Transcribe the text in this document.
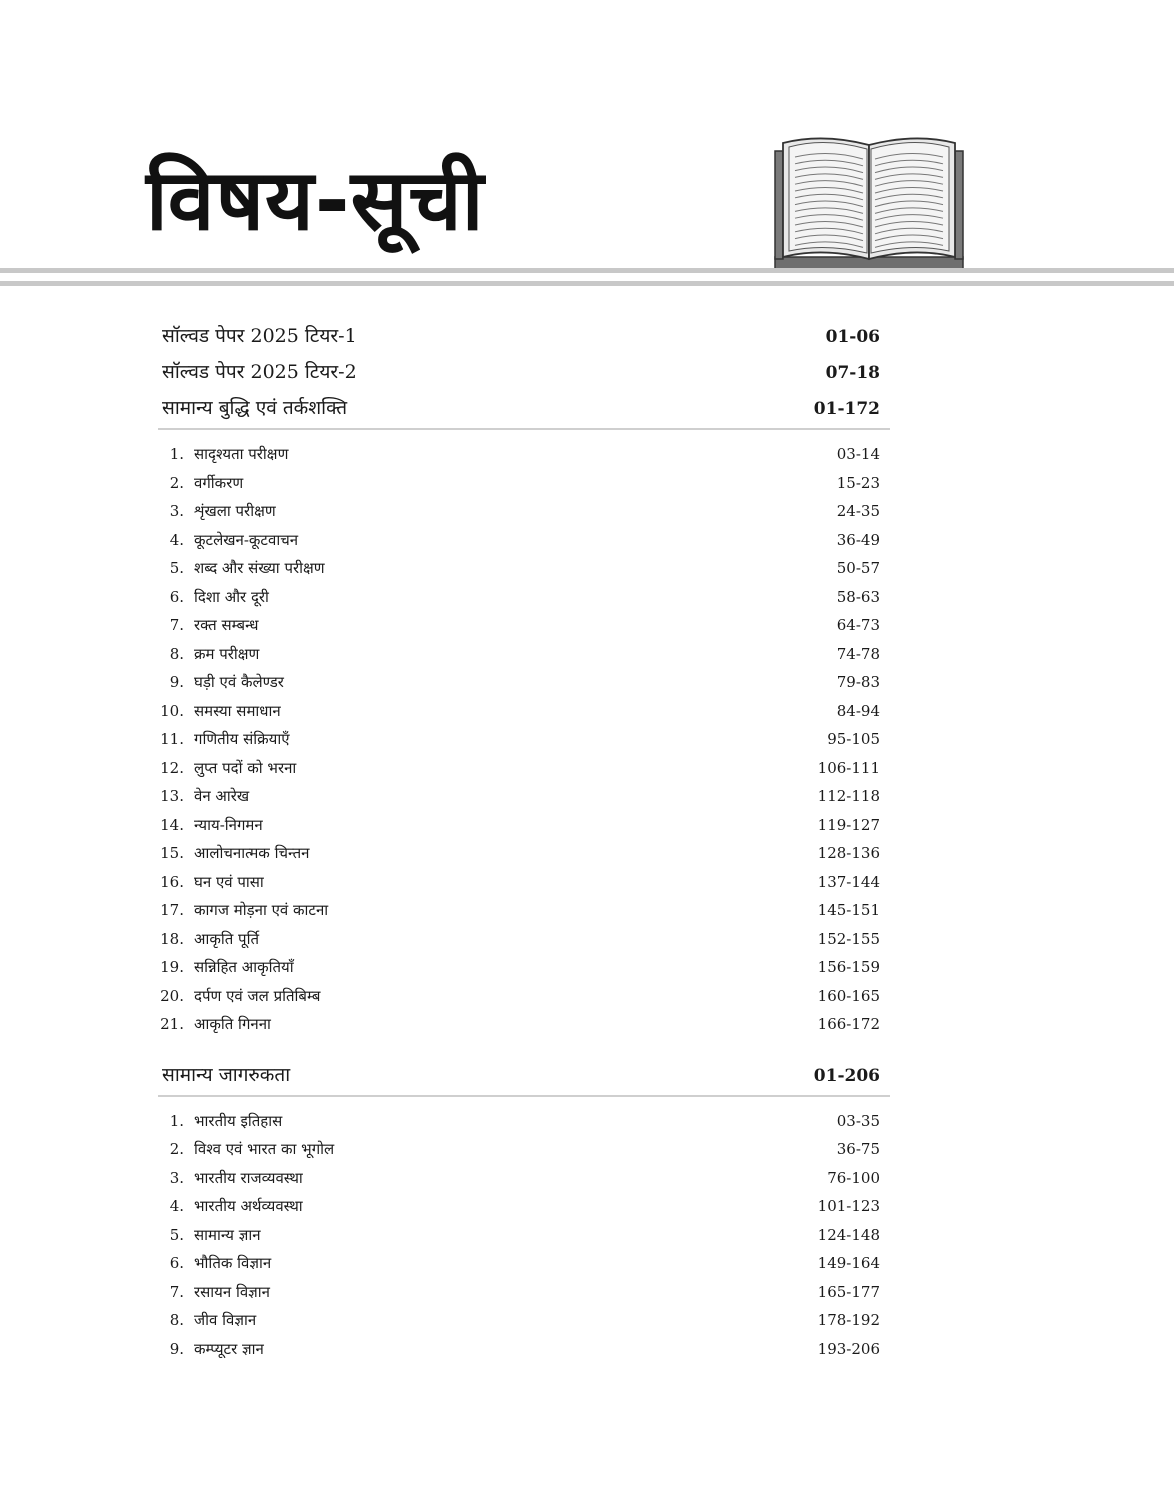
विषय-सूची
सॉल्वड पेपर 2025 टियर-1	01-06
सॉल्वड पेपर 2025 टियर-2	07-18
सामान्य बुद्धि एवं तर्कशक्ति	01-172
1. सादृश्यता परीक्षण	03-14
2. वर्गीकरण	15-23
3. शृंखला परीक्षण	24-35
4. कूटलेखन-कूटवाचन	36-49
5. शब्द और संख्या परीक्षण	50-57
6. दिशा और दूरी	58-63
7. रक्त सम्बन्ध	64-73
8. क्रम परीक्षण	74-78
9. घड़ी एवं कैलेण्डर	79-83
10. समस्या समाधान	84-94
11. गणितीय संक्रियाएँ	95-105
12. लुप्त पदों को भरना	106-111
13. वेन आरेख	112-118
14. न्याय-निगमन	119-127
15. आलोचनात्मक चिन्तन	128-136
16. घन एवं पासा	137-144
17. कागज मोड़ना एवं काटना	145-151
18. आकृति पूर्ति	152-155
19. सन्निहित आकृतियाँ	156-159
20. दर्पण एवं जल प्रतिबिम्ब	160-165
21. आकृति गिनना	166-172
सामान्य जागरुकता	01-206
1. भारतीय इतिहास	03-35
2. विश्व एवं भारत का भूगोल	36-75
3. भारतीय राजव्यवस्था	76-100
4. भारतीय अर्थव्यवस्था	101-123
5. सामान्य ज्ञान	124-148
6. भौतिक विज्ञान	149-164
7. रसायन विज्ञान	165-177
8. जीव विज्ञान	178-192
9. कम्प्यूटर ज्ञान	193-206
